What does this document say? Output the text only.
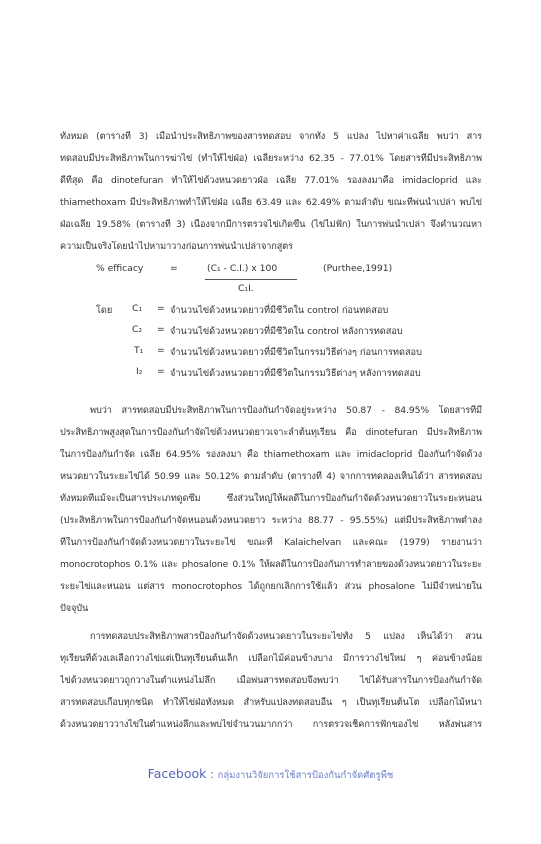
ทั้งหมด (ตารางที่ 3) เมื่อนำประสิทธิภาพของสารทดสอบ จากทั้ง 5 แปลง ไปหาค่าเฉลี่ย พบว่า สาร
ทดสอบมีประสิทธิภาพในการฆ่าไข่ (ทำให้ไข่ฝ่อ) เฉลี่ยระหว่าง 62.35 - 77.01% โดยสารที่มีประสิทธิภาพ
ดีที่สุด คือ dinotefuran ทำให้ไข่ด้วงหนวดยาวฝ่อ เฉลี่ย 77.01% รองลงมาคือ imidacloprid และ
thiamethoxam มีประสิทธิภาพทำให้ไข่ฝ่อ เฉลี่ย 63.49 และ 62.49% ตามลำดับ ขณะที่พ่นน้ำเปล่า พบไข่
ฝ่อเฉลี่ย 19.58% (ตารางที่ 3) เนื่องจากมีการตรวจไข่เกิดขึ้น (ไข่ไม่ฟัก) ในการพ่นน้ำเปล่า จึงคำนวณหา
ความเป็นจริงโดยนำไปหามาวางก่อนการพ่นน้ำเปล่าจากสูตร
% efficacy	=	(C₁ - C.I.) x 100
C₁I.
(Purthee,1991)
โดย C₁ = จำนวนไข่ด้วงหนวดยาวที่มีชีวิตใน control ก่อนทดสอบ
C₂ = จำนวนไข่ด้วงหนวดยาวที่มีชีวิตใน control หลังการทดสอบ
T₁ = จำนวนไข่ด้วงหนวดยาวที่มีชีวิตในกรรมวิธีต่างๆ ก่อนการทดสอบ
I₂ = จำนวนไข่ด้วงหนวดยาวที่มีชีวิตในกรรมวิธีต่างๆ หลังการทดสอบ
พบว่า สารทดสอบมีประสิทธิภาพในการป้องกันกำจัดอยู่ระหว่าง 50.87 - 84.95% โดยสารที่มี
ประสิทธิภาพสูงสุดในการป้องกันกำจัดไข่ด้วงหนวดยาวเจาะลำต้นทุเรียน คือ dinotefuran มีประสิทธิภาพ
ในการป้องกันกำจัด เฉลี่ย 64.95% รองลงมา คือ thiamethoxam และ imidacloprid ป้องกันกำจัดด้วง
หนวดยาวในระยะไข่ได้ 50.99 และ 50.12% ตามลำดับ (ตารางที่ 4) จากการทดลองเห็นได้ว่า สารทดสอบ
ทั้งหมดที่แม้จะเป็นสารประเภทดูดซึม ซึ่งส่วนใหญ่ให้ผลดีในการป้องกันกำจัดด้วงหนวดยาวในระยะหนอน
(ประสิทธิภาพในการป้องกันกำจัดหนอนด้วงหนวดยาว ระหว่าง 88.77 - 95.55%) แต่มีประสิทธิภาพต่ำลง
ที่ในการป้องกันกำจัดด้วงหนวดยาวในระยะไข่ ขณะที่ Kalaichelvan และคณะ (1979) รายงานว่า
monocrotophos 0.1% และ phosalone 0.1% ให้ผลดีในการป้องกันการทำลายของด้วงหนวดยาวในระยะ
ระยะไข่และหนอน แต่สาร monocrotophos ได้ถูกยกเลิกการใช้แล้ว ส่วน phosalone ไม่มีจำหน่ายใน
ปัจจุบัน
การทดสอบประสิทธิภาพสารป้องกันกำจัดด้วงหนวดยาวในระยะไข่ทั้ง 5 แปลง เห็นได้ว่า สวน
ทุเรียนที่ด้วงเลเลือกวางไข่แต่เป็นทุเรียนต้นเล็ก เปลือกไม้ค่อนข้างบาง มีการวางไข่ใหม่ ๆ ค่อนข้างน้อย
ไข่ด้วงหนวดยาวถูกวางในตำแหน่งไม่ลึก เมื่อพ่นสารทดสอบจึงพบว่า ไข่ได้รับสารในการป้องกันกำจัด
สารทดสอบเกือบทุกชนิด ทำให้ไข่ฝ่อทั้งหมด สำหรับแปลงทดสอบอื่น ๆ เป็นทุเรียนต้นโต เปลือกไม้หนา
ด้วงหนวดยาววางไข่ในตำแหน่งลึกและพบไข่จำนวนมากกว่า การตรวจเช็คการฟักของไข่ หลังพ่นสาร
Facebook : กลุ่มงานวิจัยการใช้สารป้องกันกำจัดศัตรูพืช
